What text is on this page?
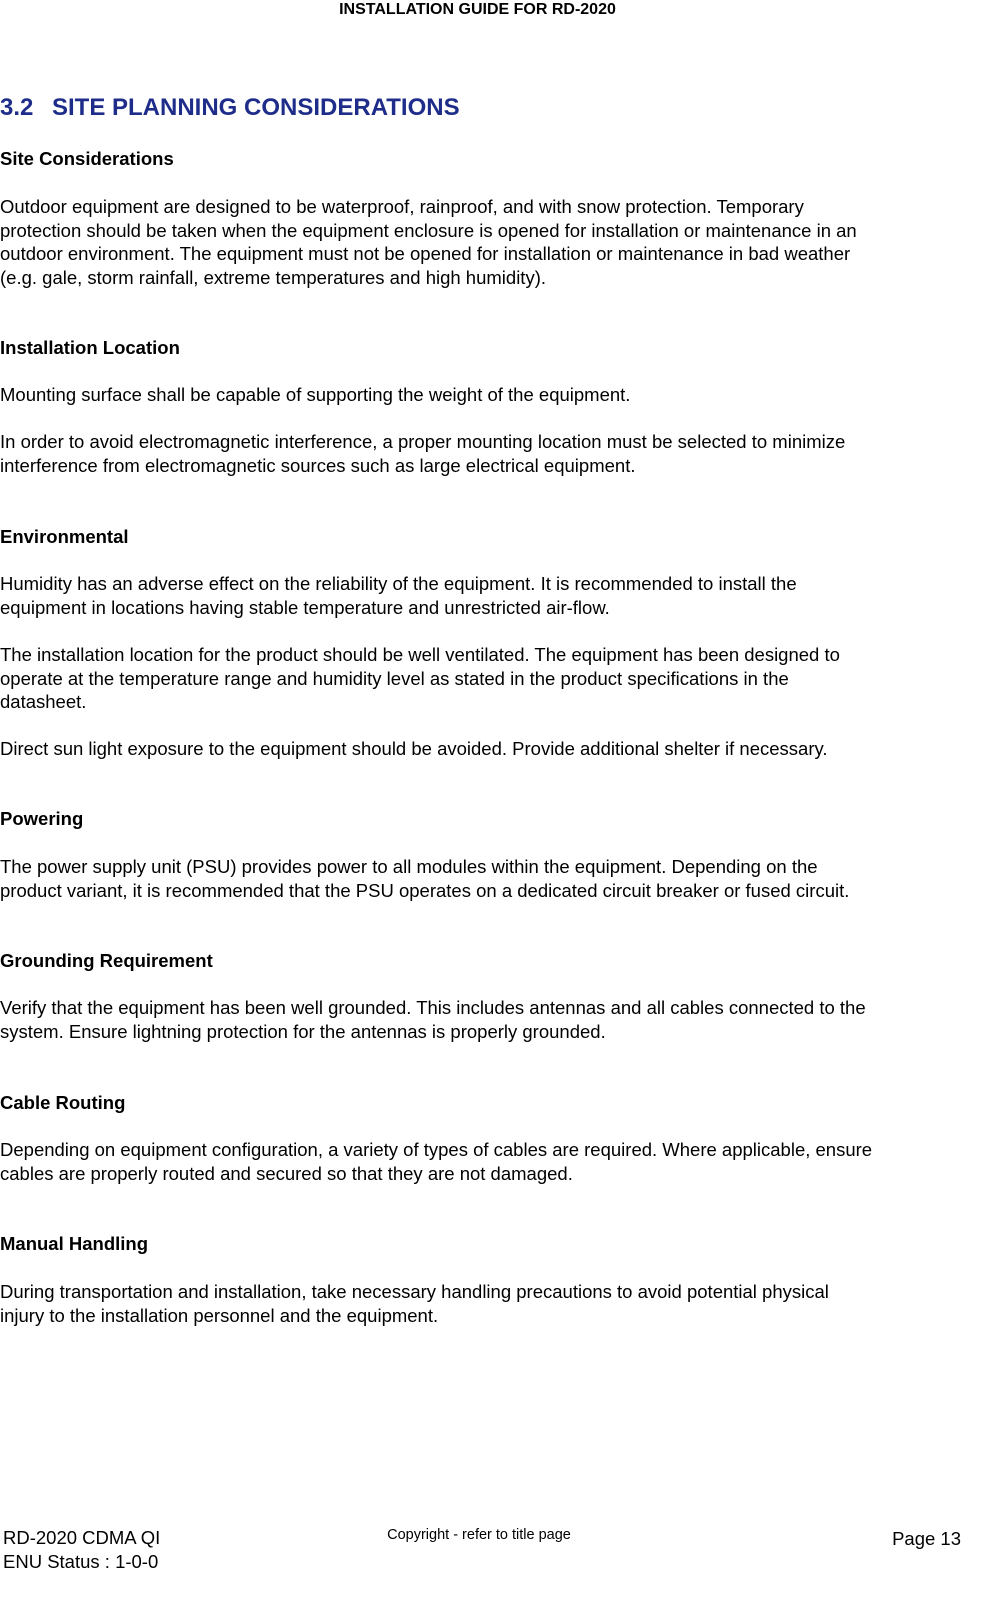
INSTALLATION GUIDE FOR RD-2020
3.2 SITE PLANNING CONSIDERATIONS
Site Considerations

Outdoor equipment are designed to be waterproof, rainproof, and with snow protection. Temporary
protection should be taken when the equipment enclosure is opened for installation or maintenance in an
outdoor environment. The equipment must not be opened for installation or maintenance in bad weather
(e.g. gale, storm rainfall, extreme temperatures and high humidity).

Installation Location

Mounting surface shall be capable of supporting the weight of the equipment.

In order to avoid electromagnetic interference, a proper mounting location must be selected to minimize
interference from electromagnetic sources such as large electrical equipment.

Environmental

Humidity has an adverse effect on the reliability of the equipment. It is recommended to install the
equipment in locations having stable temperature and unrestricted air-flow.

The installation location for the product should be well ventilated. The equipment has been designed to
operate at the temperature range and humidity level as stated in the product specifications in the
datasheet.

Direct sun light exposure to the equipment should be avoided. Provide additional shelter if necessary.

Powering

The power supply unit (PSU) provides power to all modules within the equipment. Depending on the
product variant, it is recommended that the PSU operates on a dedicated circuit breaker or fused circuit.

Grounding Requirement

Verify that the equipment has been well grounded. This includes antennas and all cables connected to the
system. Ensure lightning protection for the antennas is properly grounded.

Cable Routing

Depending on equipment configuration, a variety of types of cables are required. Where applicable, ensure
cables are properly routed and secured so that they are not damaged.

Manual Handling

During transportation and installation, take necessary handling precautions to avoid potential physical
injury to the installation personnel and the equipment.

RD-2020 CDMA QI
ENU Status : 1-0-0
Copyright - refer to title page	Page 13
